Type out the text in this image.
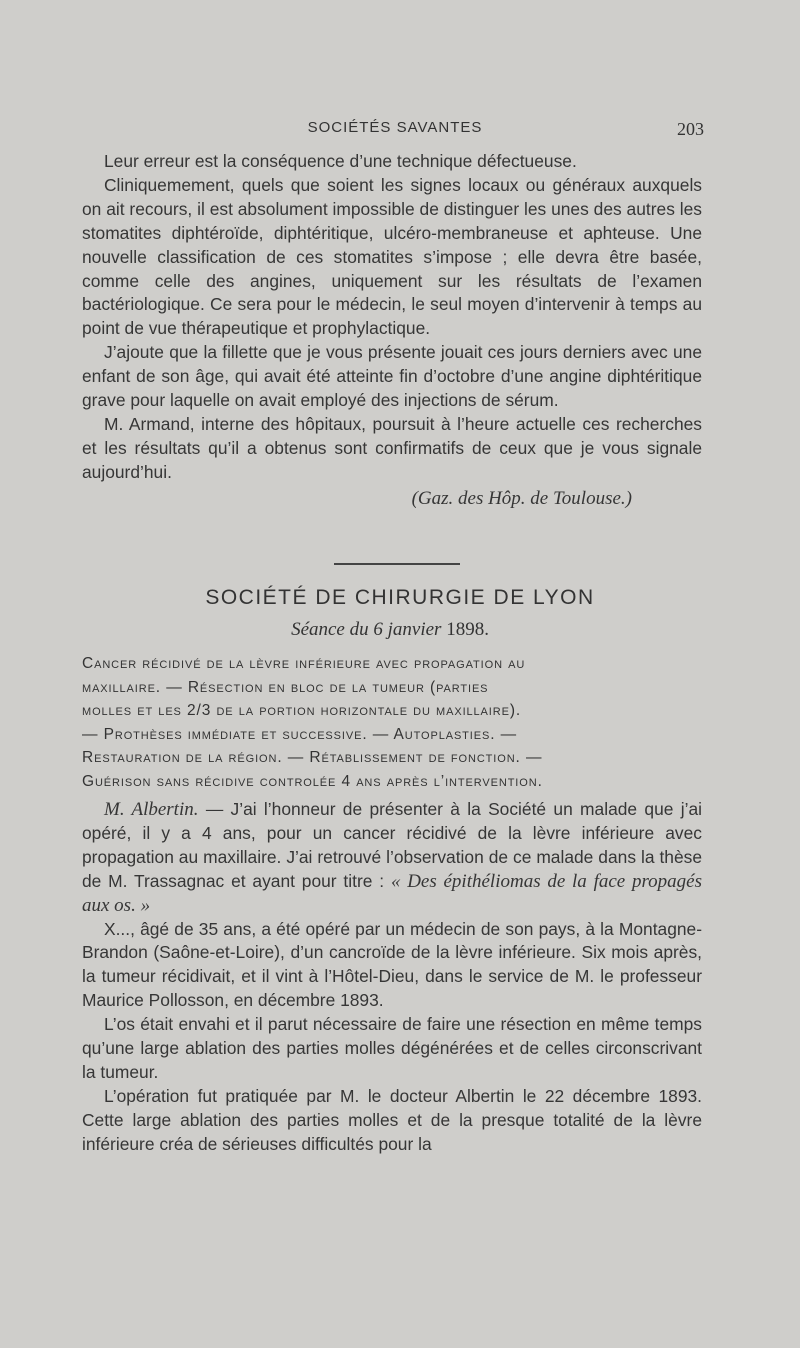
SOCIÉTÉS SAVANTES	203

Leur erreur est la conséquence d’une technique défectueuse.

Cliniquemement, quels que soient les signes locaux ou généraux auxquels on ait recours, il est absolument impossible de distinguer les unes des autres les stomatites diphtéroïde, diphtéritique, ulcéro-membraneuse et aphteuse. Une nouvelle classification de ces stomatites s’impose ; elle devra être basée, comme celle des angines, uniquement sur les résultats de l’examen bactériologique. Ce sera pour le médecin, le seul moyen d’intervenir à temps au point de vue thérapeutique et prophylactique.

J’ajoute que la fillette que je vous présente jouait ces jours derniers avec une enfant de son âge, qui avait été atteinte fin d’octobre d’une angine diphtéritique grave pour laquelle on avait employé des injections de sérum.

M. Armand, interne des hôpitaux, poursuit à l’heure actuelle ces recherches et les résultats qu’il a obtenus sont confirmatifs de ceux que je vous signale aujourd’hui.

(Gaz. des Hôp. de Toulouse.)

SOCIÉTÉ DE CHIRURGIE DE LYON
Séance du 6 janvier 1898.
Cancer récidivé de la lèvre inférieure avec propagation au
maxillaire. — Résection en bloc de la tumeur (parties
molles et les 2/3 de la portion horizontale du maxillaire).
— Prothèses immédiate et successive. — Autoplasties. —
Restauration de la région. — Rétablissement de fonction. —
Guérison sans récidive controlée 4 ans après l’intervention.

M. Albertin. — J’ai l’honneur de présenter à la Société un malade que j’ai opéré, il y a 4 ans, pour un cancer récidivé de la lèvre inférieure avec propagation au maxillaire. J’ai retrouvé l’observation de ce malade dans la thèse de M. Trassagnac et ayant pour titre : « Des épithéliomas de la face propagés aux os. »

X..., âgé de 35 ans, a été opéré par un médecin de son pays, à la Montagne-Brandon (Saône-et-Loire), d’un cancroïde de la lèvre inférieure. Six mois après, la tumeur récidivait, et il vint à l’Hôtel-Dieu, dans le service de M. le professeur Maurice Pollosson, en décembre 1893.

L’os était envahi et il parut nécessaire de faire une résection en même temps qu’une large ablation des parties molles dégénérées et de celles circonscrivant la tumeur.

L’opération fut pratiquée par M. le docteur Albertin le 22 décembre 1893. Cette large ablation des parties molles et de la presque totalité de la lèvre inférieure créa de sérieuses difficultés pour la
